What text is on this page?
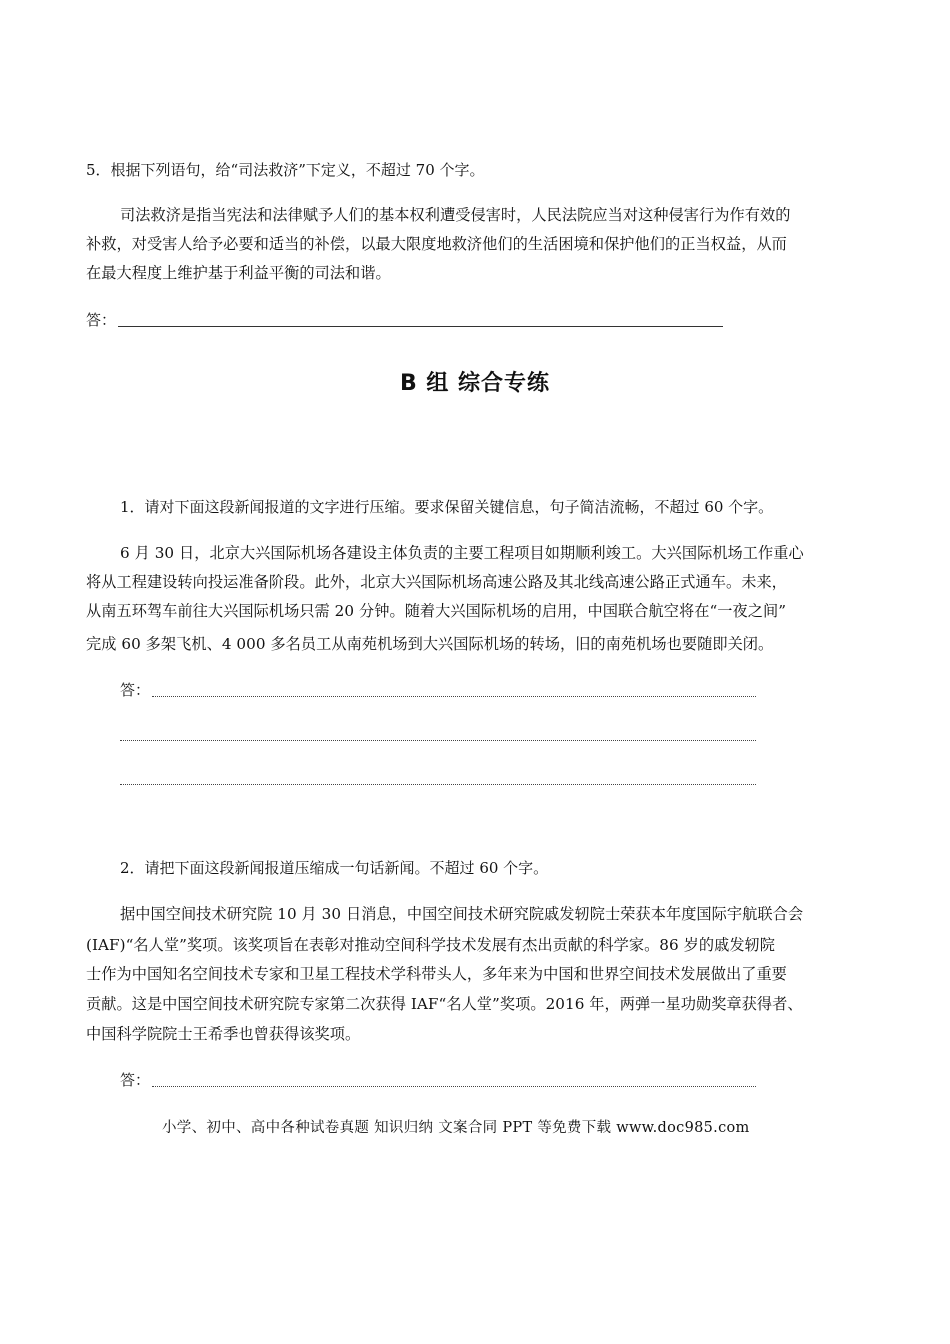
5．根据下列语句，给“司法救济”下定义，不超过 70 个字。
司法救济是指当宪法和法律赋予人们的基本权利遭受侵害时，人民法院应当对这种侵害行为作有效的
补救，对受害人给予必要和适当的补偿，以最大限度地救济他们的生活困境和保护他们的正当权益，从而
在最大程度上维护基于利益平衡的司法和谐。
答：
B 组 综合专练
1．请对下面这段新闻报道的文字进行压缩。要求保留关键信息，句子简洁流畅，不超过 60 个字。
6 月 30 日，北京大兴国际机场各建设主体负责的主要工程项目如期顺利竣工。大兴国际机场工作重心
将从工程建设转向投运准备阶段。此外，北京大兴国际机场高速公路及其北线高速公路正式通车。未来，
从南五环驾车前往大兴国际机场只需 20 分钟。随着大兴国际机场的启用，中国联合航空将在“一夜之间”
完成 60 多架飞机、4 000 多名员工从南苑机场到大兴国际机场的转场，旧的南苑机场也要随即关闭。
答：
2．请把下面这段新闻报道压缩成一句话新闻。不超过 60 个字。
据中国空间技术研究院 10 月 30 日消息，中国空间技术研究院戚发轫院士荣获本年度国际宇航联合会
(IAF)“名人堂”奖项。该奖项旨在表彰对推动空间科学技术发展有杰出贡献的科学家。86 岁的戚发轫院
士作为中国知名空间技术专家和卫星工程技术学科带头人，多年来为中国和世界空间技术发展做出了重要
贡献。这是中国空间技术研究院专家第二次获得 IAF“名人堂”奖项。2016 年，两弹一星功勋奖章获得者、
中国科学院院士王希季也曾获得该奖项。
答：
小学、初中、高中各种试卷真题 知识归纳 文案合同 PPT 等免费下载 www.doc985.com
